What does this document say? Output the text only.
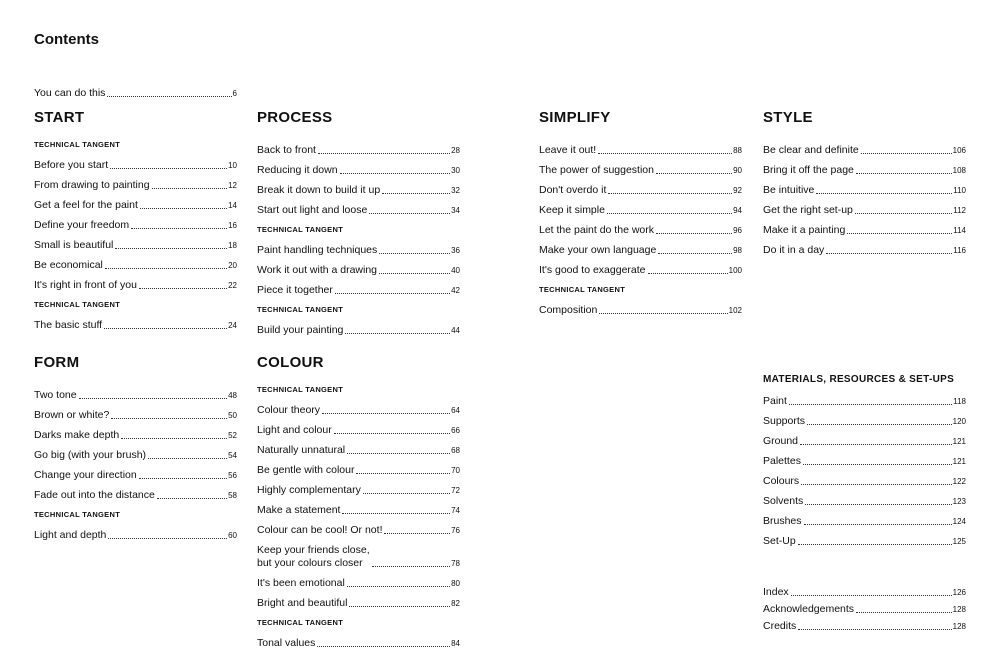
Contents
You can do this	6
START
TECHNICAL TANGENT
Before you start	10
From drawing to painting	12
Get a feel for the paint	14
Define your freedom	16
Small is beautiful	18
Be economical	20
It's right in front of you	22
TECHNICAL TANGENT
The basic stuff	24
PROCESS
Back to front	28
Reducing it down	30
Break it down to build it up	32
Start out light and loose	34
TECHNICAL TANGENT
Paint handling techniques	36
Work it out with a drawing	40
Piece it together	42
TECHNICAL TANGENT
Build your painting	44
SIMPLIFY
Leave it out!	88
The power of suggestion	90
Don't overdo it	92
Keep it simple	94
Let the paint do the work	96
Make your own language	98
It's good to exaggerate	100
TECHNICAL TANGENT
Composition	102
STYLE
Be clear and definite	106
Bring it off the page	108
Be intuitive	110
Get the right set-up	112
Make it a painting	114
Do it in a day	116
FORM
Two tone	48
Brown or white?	50
Darks make depth	52
Go big (with your brush)	54
Change your direction	56
Fade out into the distance	58
TECHNICAL TANGENT
Light and depth	60
COLOUR
TECHNICAL TANGENT
Colour theory	64
Light and colour	66
Naturally unnatural	68
Be gentle with colour	70
Highly complementary	72
Make a statement	74
Colour can be cool! Or not!	76
Keep your friends close,
but your colours closer	78
It's been emotional	80
Bright and beautiful	82
TECHNICAL TANGENT
Tonal values	84
MATERIALS, RESOURCES & SET-UPS
Paint	118
Supports	120
Ground	121
Palettes	121
Colours	122
Solvents	123
Brushes	124
Set-Up	125
Index	126
Acknowledgements	128
Credits	128
